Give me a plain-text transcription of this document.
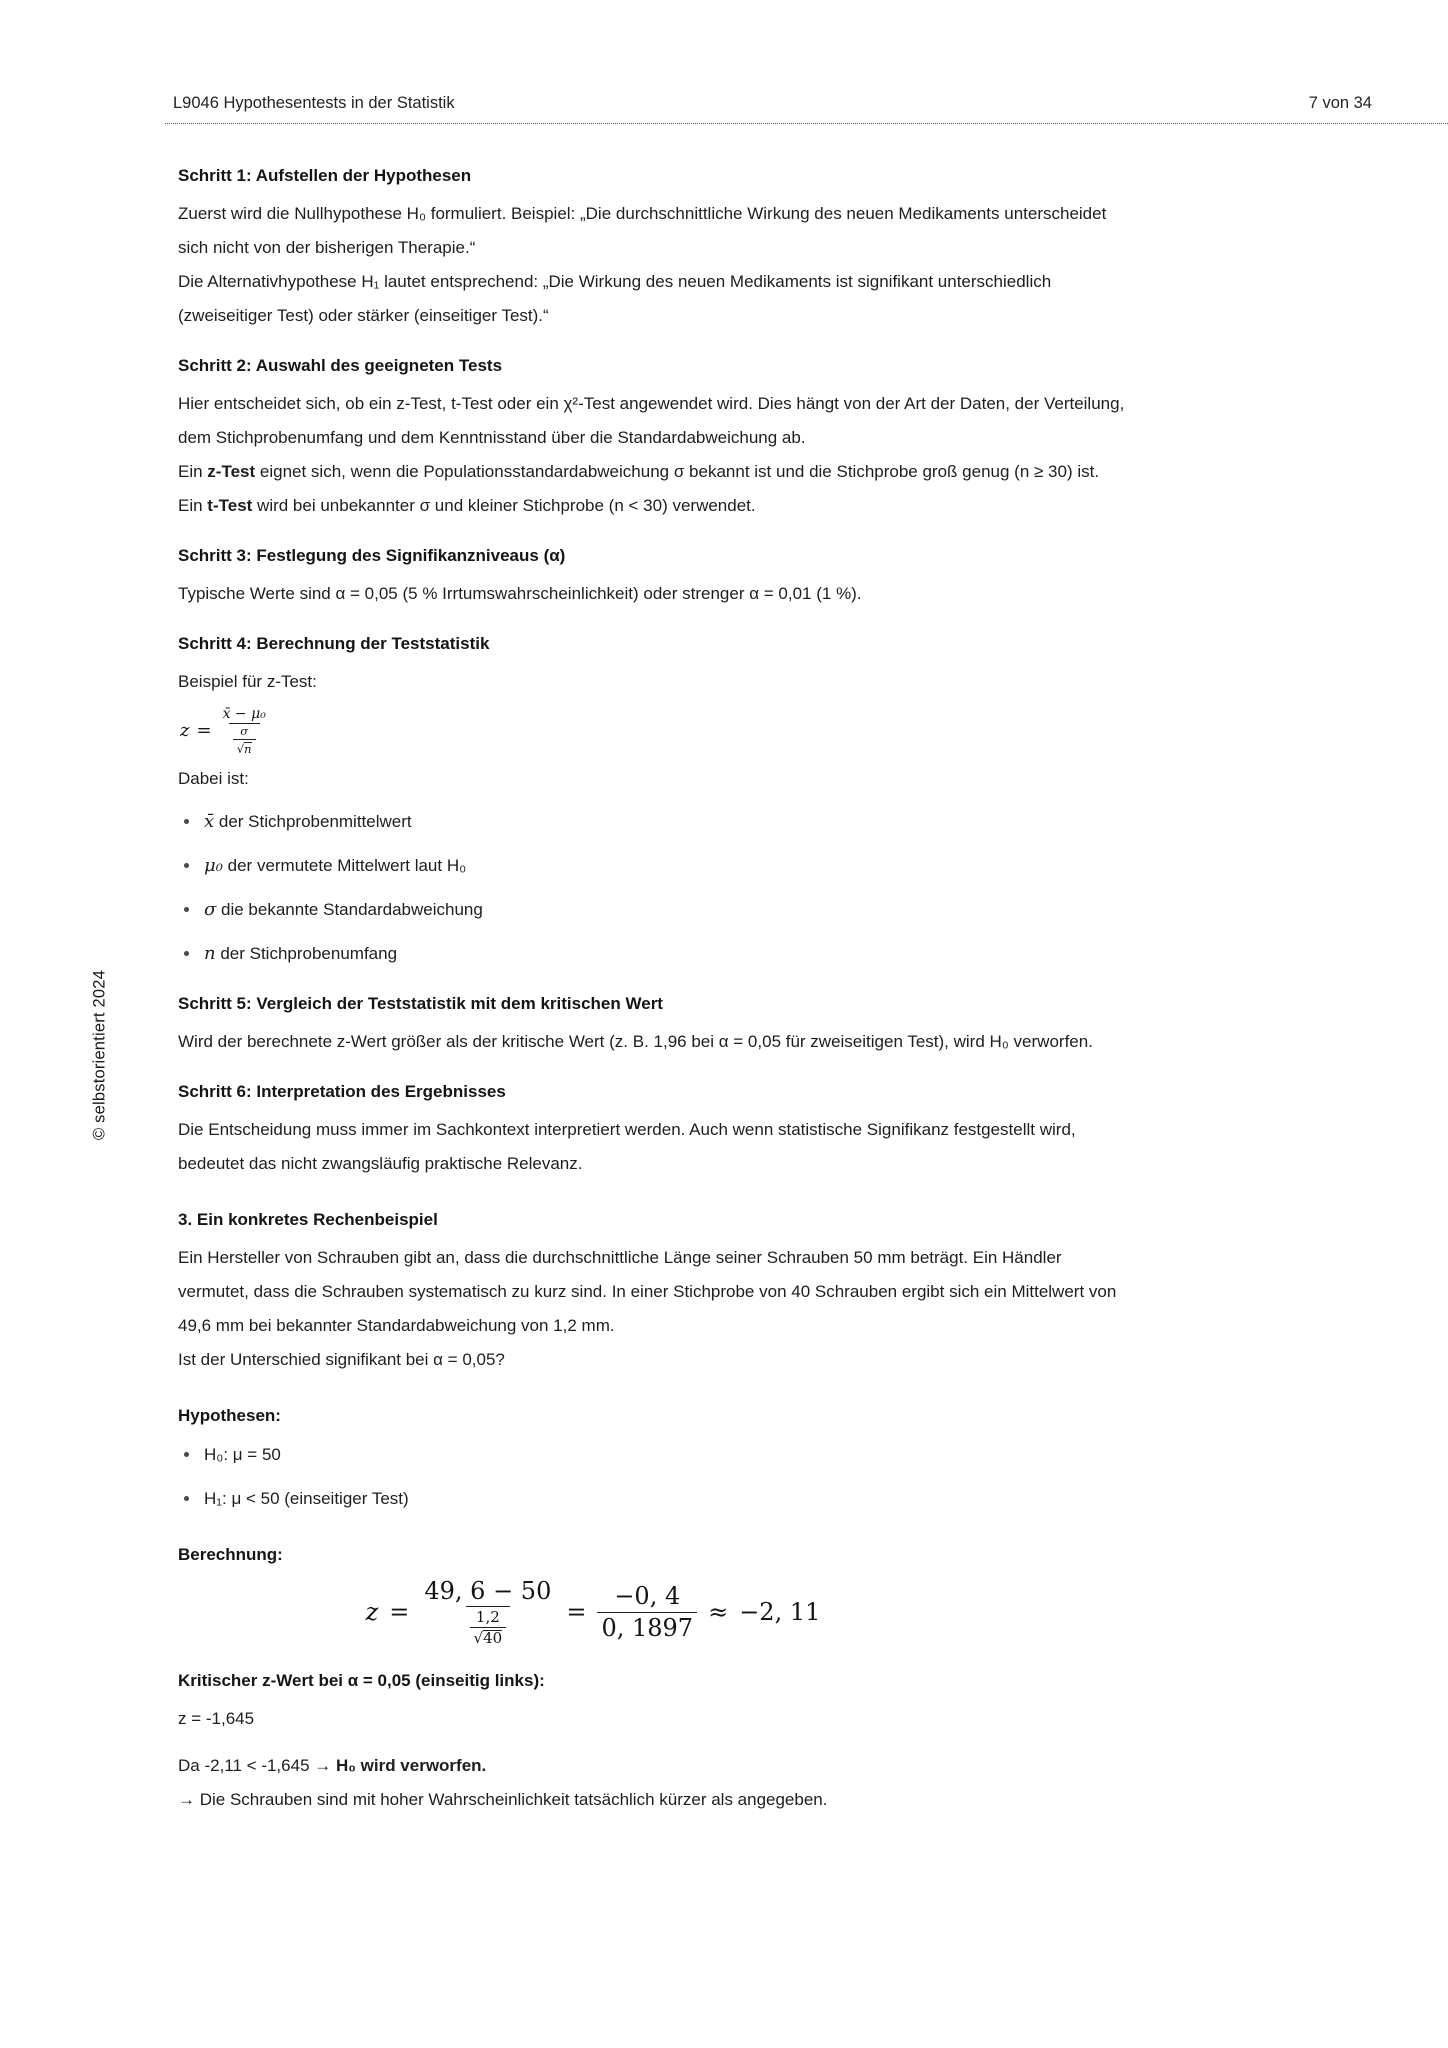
L9046 Hypothesentests in der Statistik	7 von 34
© selbstorientiert 2024
Schritt 1: Aufstellen der Hypothesen

Zuerst wird die Nullhypothese H₀ formuliert. Beispiel: „Die durchschnittliche Wirkung des neuen Medikaments unterscheidet sich nicht von der bisherigen Therapie.“

Die Alternativhypothese H₁ lautet entsprechend: „Die Wirkung des neuen Medikaments ist signifikant unterschiedlich (zweiseitiger Test) oder stärker (einseitiger Test).“

Schritt 2: Auswahl des geeigneten Tests

Hier entscheidet sich, ob ein z-Test, t-Test oder ein χ²-Test angewendet wird. Dies hängt von der Art der Daten, der Verteilung, dem Stichprobenumfang und dem Kenntnisstand über die Standardabweichung ab.

Ein z-Test eignet sich, wenn die Populationsstandardabweichung σ bekannt ist und die Stichprobe groß genug (n ≥ 30) ist.

Ein t-Test wird bei unbekannter σ und kleiner Stichprobe (n < 30) verwendet.

Schritt 3: Festlegung des Signifikanzniveaus (α)

Typische Werte sind α = 0,05 (5 % Irrtumswahrscheinlichkeit) oder strenger α = 0,01 (1 %).

Schritt 4: Berechnung der Teststatistik

Beispiel für z-Test:

$z = \frac{\text{x̄ − μ₀}}{\frac{\sigma}{√n}}$

Dabei ist:

x̄ der Stichprobenmittelwert
μ₀ der vermutete Mittelwert laut H₀
σ die bekannte Standardabweichung
n der Stichprobenumfang
Schritt 5: Vergleich der Teststatistik mit dem kritischen Wert

Wird der berechnete z-Wert größer als der kritische Wert (z. B. 1,96 bei α = 0,05 für zweiseitigen Test), wird H₀ verworfen.

Schritt 6: Interpretation des Ergebnisses

Die Entscheidung muss immer im Sachkontext interpretiert werden. Auch wenn statistische Signifikanz festgestellt wird, bedeutet das nicht zwangsläufig praktische Relevanz.

3. Ein konkretes Rechenbeispiel

Ein Hersteller von Schrauben gibt an, dass die durchschnittliche Länge seiner Schrauben 50 mm beträgt. Ein Händler vermutet, dass die Schrauben systematisch zu kurz sind. In einer Stichprobe von 40 Schrauben ergibt sich ein Mittelwert von 49,6 mm bei bekannter Standardabweichung von 1,2 mm.

Ist der Unterschied signifikant bei α = 0,05?

Hypothesen:
H₀: μ = 50
H₁: μ < 50 (einseitiger Test)
Berechnung:
$z = \frac{49, 6 - 50}{\frac{1,2}{√40}} = \frac{-0, 4}{0, 1897} \approx -2$, 11
Kritischer z-Wert bei α = 0,05 (einseitig links):

z = -1,645

Da -2,11 < -1,645 → H₀ wird verworfen.

→ Die Schrauben sind mit hoher Wahrscheinlichkeit tatsächlich kürzer als angegeben.
